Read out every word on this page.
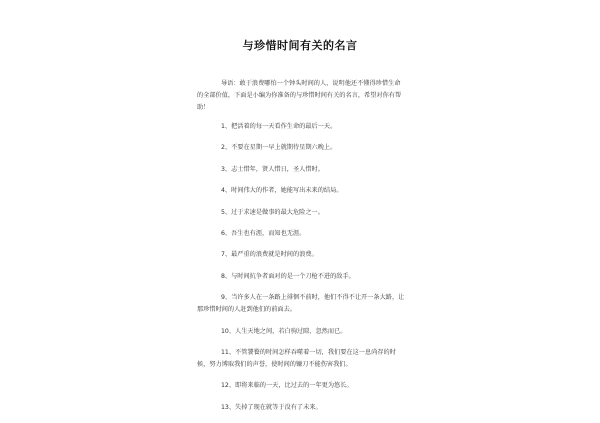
与珍惜时间有关的名言

导语：敢于浪费哪怕一个钟头时间的人，说明他还不懂得珍惜生命的全部价值，下面是小编为你准备的与珍惜时间有关的名言，希望对你有帮助！

1、把活着的每一天看作生命的最后一天。
2、不要在星期一早上就期待星期六晚上。
3、志士惜年，贤人惜日，圣人惜时。
4、时间伟大的作者，她能写出未来的结局。
5、过于求速是做事的最大危险之一。
6、吾生也有涯，而知也无涯。
7、最严重的浪费就是时间的浪费。
8、与时间抗争者面对的是一个刀枪不进的敌手。
9、当许多人在一条路上徘徊不前时，他们不得不让开一条大路，让那珍惜时间的人赶到他们的前面去。
10、人生天地之间，若白驹过隙，忽然而已。
11、不管饕餮的时间怎样吞噬着一切，我们要在这一息尚存的时候，努力博取我们的声誉，使时间的镰刀不能伤害我们。
12、即将来临的一天，比过去的一年更为悠长。
13、失掉了现在就等于没有了未来。
